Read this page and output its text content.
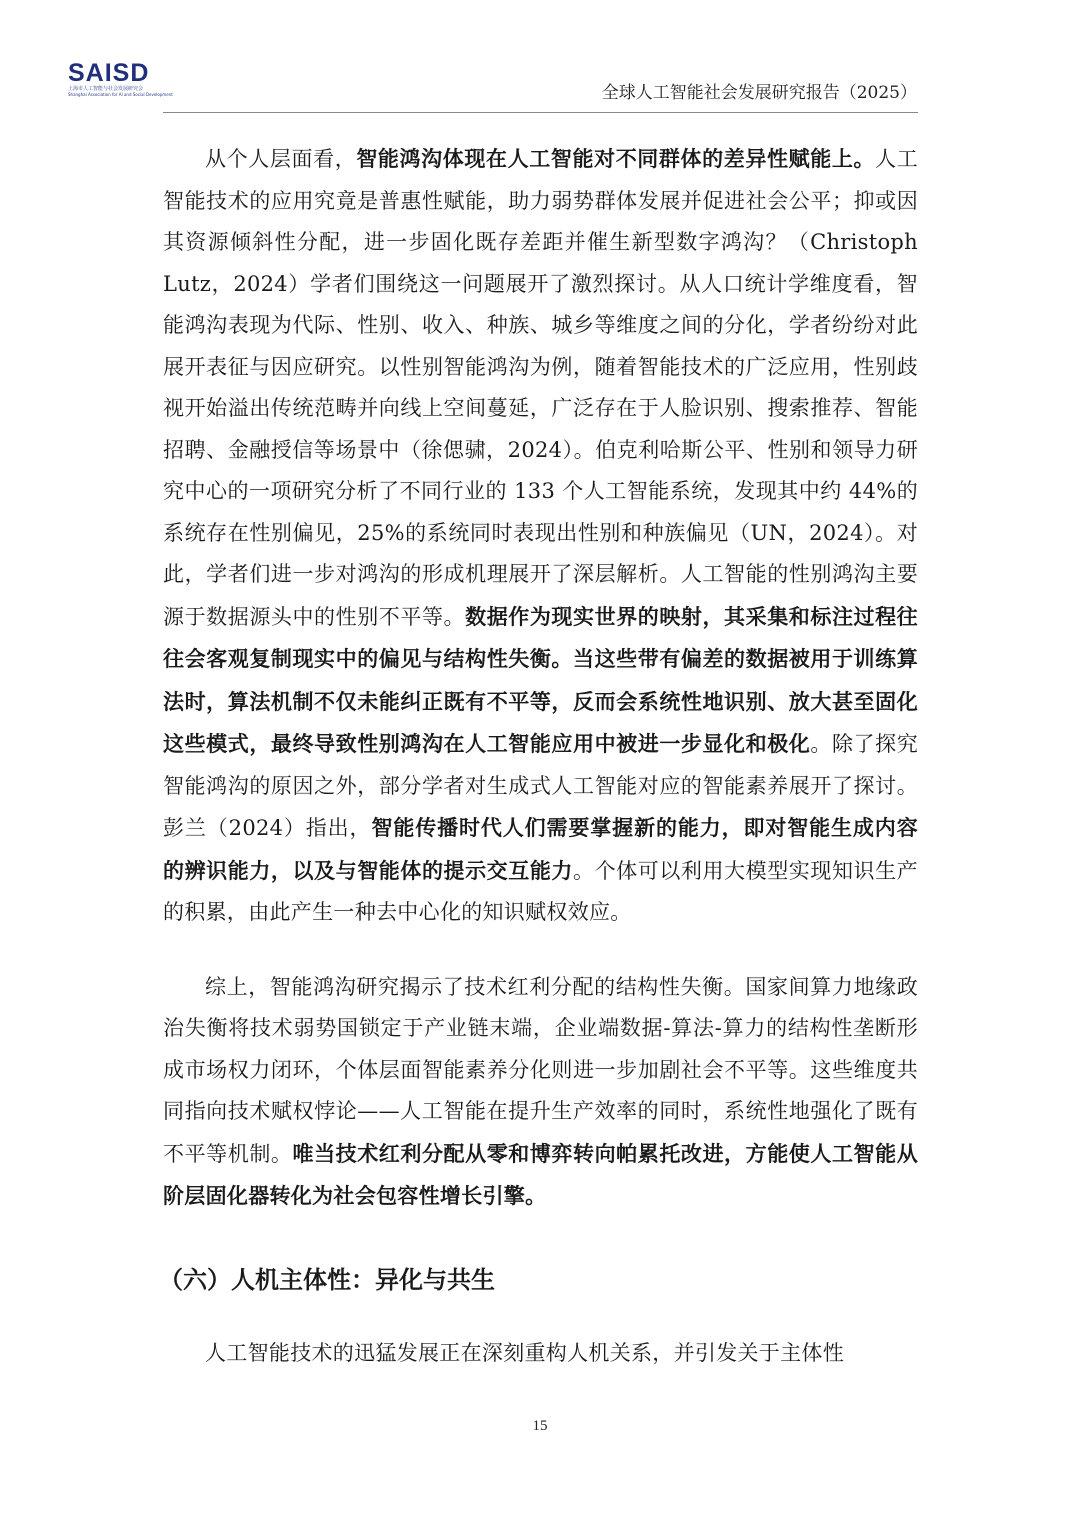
SAISD
上海市人工智能与社会发展研究会
Shanghai Association for AI and Social Development	全球人工智能社会发展研究报告（2025）

从个人层面看，智能鸿沟体现在人工智能对不同群体的差异性赋能上。人工智能技术的应用究竟是普惠性赋能，助力弱势群体发展并促进社会公平；抑或因其资源倾斜性分配，进一步固化既存差距并催生新型数字鸿沟？（Christoph Lutz，2024）学者们围绕这一问题展开了激烈探讨。从人口统计学维度看，智能鸿沟表现为代际、性别、收入、种族、城乡等维度之间的分化，学者纷纷对此展开表征与因应研究。以性别智能鸿沟为例，随着智能技术的广泛应用，性别歧视开始溢出传统范畴并向线上空间蔓延，广泛存在于人脸识别、搜索推荐、智能招聘、金融授信等场景中（徐偲骕，2024）。伯克利哈斯公平、性别和领导力研究中心的一项研究分析了不同行业的 133 个人工智能系统，发现其中约 44%的系统存在性别偏见，25%的系统同时表现出性别和种族偏见（UN，2024）。对此，学者们进一步对鸿沟的形成机理展开了深层解析。人工智能的性别鸿沟主要源于数据源头中的性别不平等。数据作为现实世界的映射，其采集和标注过程往往会客观复制现实中的偏见与结构性失衡。当这些带有偏差的数据被用于训练算法时，算法机制不仅未能纠正既有不平等，反而会系统性地识别、放大甚至固化这些模式，最终导致性别鸿沟在人工智能应用中被进一步显化和极化。除了探究智能鸿沟的原因之外，部分学者对生成式人工智能对应的智能素养展开了探讨。彭兰（2024）指出，智能传播时代人们需要掌握新的能力，即对智能生成内容的辨识能力，以及与智能体的提示交互能力。个体可以利用大模型实现知识生产的积累，由此产生一种去中心化的知识赋权效应。

综上，智能鸿沟研究揭示了技术红利分配的结构性失衡。国家间算力地缘政治失衡将技术弱势国锁定于产业链末端，企业端数据-算法-算力的结构性垄断形成市场权力闭环，个体层面智能素养分化则进一步加剧社会不平等。这些维度共同指向技术赋权悖论——人工智能在提升生产效率的同时，系统性地强化了既有不平等机制。唯当技术红利分配从零和博弈转向帕累托改进，方能使人工智能从阶层固化器转化为社会包容性增长引擎。

（六）人机主体性：异化与共生

人工智能技术的迅猛发展正在深刻重构人机关系，并引发关于主体性

15
